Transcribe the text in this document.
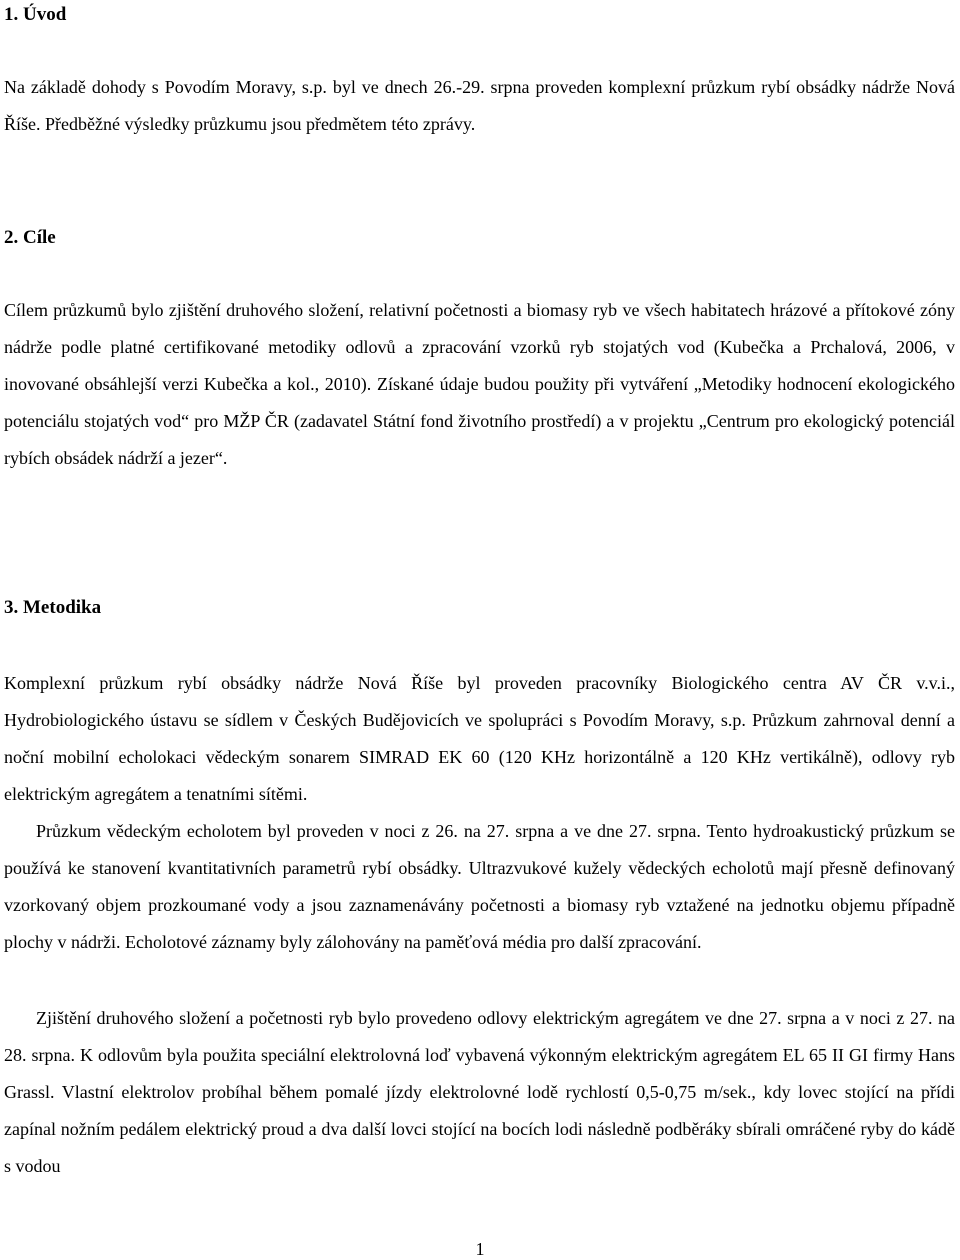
1. Úvod

Na základě dohody s Povodím Moravy, s.p. byl ve dnech 26.-29. srpna proveden komplexní průzkum rybí obsádky nádrže Nová Říše. Předběžné výsledky průzkumu jsou předmětem této zprávy.

2. Cíle

Cílem průzkumů bylo zjištění druhového složení, relativní početnosti a biomasy ryb ve všech habitatech hrázové a přítokové zóny nádrže podle platné certifikované metodiky odlovů a zpracování vzorků ryb stojatých vod (Kubečka a Prchalová, 2006, v inovované obsáhlejší verzi Kubečka a kol., 2010). Získané údaje budou použity při vytváření „Metodiky hodnocení ekologického potenciálu stojatých vod“ pro MŽP ČR (zadavatel Státní fond životního prostředí) a v projektu „Centrum pro ekologický potenciál rybích obsádek nádrží a jezer“.

3. Metodika

Komplexní průzkum rybí obsádky nádrže Nová Říše byl proveden pracovníky Biologického centra AV ČR v.v.i., Hydrobiologického ústavu se sídlem v Českých Budějovicích ve spolupráci s Povodím Moravy, s.p. Průzkum zahrnoval denní a noční mobilní echolokaci vědeckým sonarem SIMRAD EK 60 (120 KHz horizontálně a 120 KHz vertikálně), odlovy ryb elektrickým agregátem a tenatními sítěmi.

Průzkum vědeckým echolotem byl proveden v noci z 26. na 27. srpna a ve dne 27. srpna. Tento hydroakustický průzkum se používá ke stanovení kvantitativních parametrů rybí obsádky. Ultrazvukové kužely vědeckých echolotů mají přesně definovaný vzorkovaný objem prozkoumané vody a jsou zaznamenávány početnosti a biomasy ryb vztažené na jednotku objemu případně plochy v nádrži. Echolotové záznamy byly zálohovány na paměťová média pro další zpracování.

Zjištění druhového složení a početnosti ryb bylo provedeno odlovy elektrickým agregátem ve dne 27. srpna a v noci z 27. na 28. srpna. K odlovům byla použita speciální elektrolovná loď vybavená výkonným elektrickým agregátem EL 65 II GI firmy Hans Grassl. Vlastní elektrolov probíhal během pomalé jízdy elektrolovné lodě rychlostí 0,5-0,75 m/sek., kdy lovec stojící na přídi zapínal nožním pedálem elektrický proud a dva další lovci stojící na bocích lodi následně podběráky sbírali omráčené ryby do kádě s vodou

1
